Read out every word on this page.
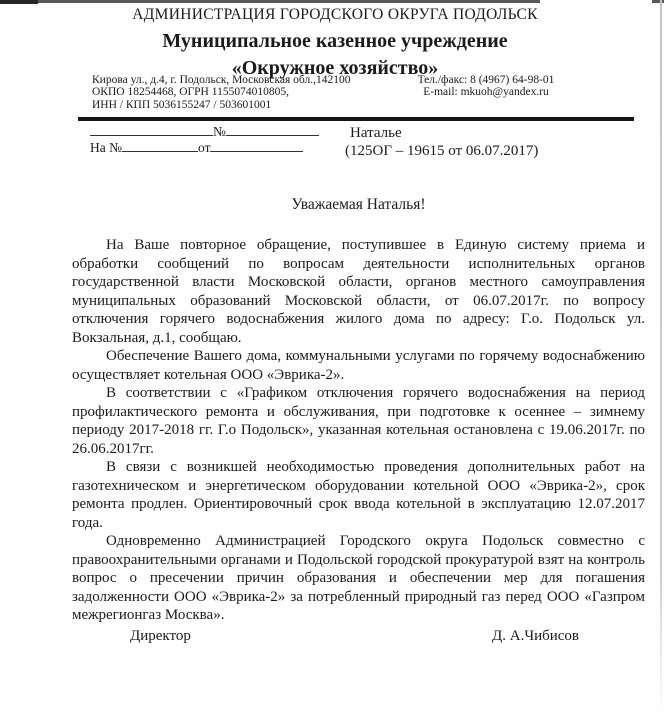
АДМИНИСТРАЦИЯ ГОРОДСКОГО ОКРУГА ПОДОЛЬСК
Муниципальное казенное учреждение
«Окружное хозяйство»
Кирова ул., д.4, г. Подольск, Московская обл.,142100
ОКПО 18254468, ОГРН 1155074010805,
ИНН / КПП 5036155247 / 503601001
Тел./факс: 8 (4967) 64-98-01
E-mail: mkuoh@yandex.ru
№
На №	от
Наталье
(125ОГ – 19615 от 06.07.2017)
Уважаемая Наталья!

На Ваше повторное обращение, поступившее в Единую систему приема и обработки сообщений по вопросам деятельности исполнительных органов государственной власти Московской области, органов местного самоуправления муниципальных образований Московской области, от 06.07.2017г. по вопросу отключения горячего водоснабжения жилого дома по адресу: Г.о. Подольск ул. Вокзальная, д.1, сообщаю.

Обеспечение Вашего дома, коммунальными услугами по горячему водоснабжению осуществляет котельная ООО «Эврика-2».

В соответствии с «Графиком отключения горячего водоснабжения на период профилактического ремонта и обслуживания, при подготовке к осеннее – зимнему периоду 2017-2018 гг. Г.о Подольск», указанная котельная остановлена с 19.06.2017г. по 26.06.2017гг.

В связи с возникшей необходимостью проведения дополнительных работ на газотехническом и энергетическом оборудовании котельной ООО «Эврика-2», срок ремонта продлен. Ориентировочный срок ввода котельной в эксплуатацию 12.07.2017 года.

Одновременно Администрацией Городского округа Подольск совместно с правоохранительными органами и Подольской городской прокуратурой взят на контроль вопрос о пресечении причин образования и обеспечении мер для погашения задолженности ООО «Эврика-2» за потребленный природный газ перед ООО «Газпром межрегионгаз Москва».

Директор	Д. А.Чибисов
